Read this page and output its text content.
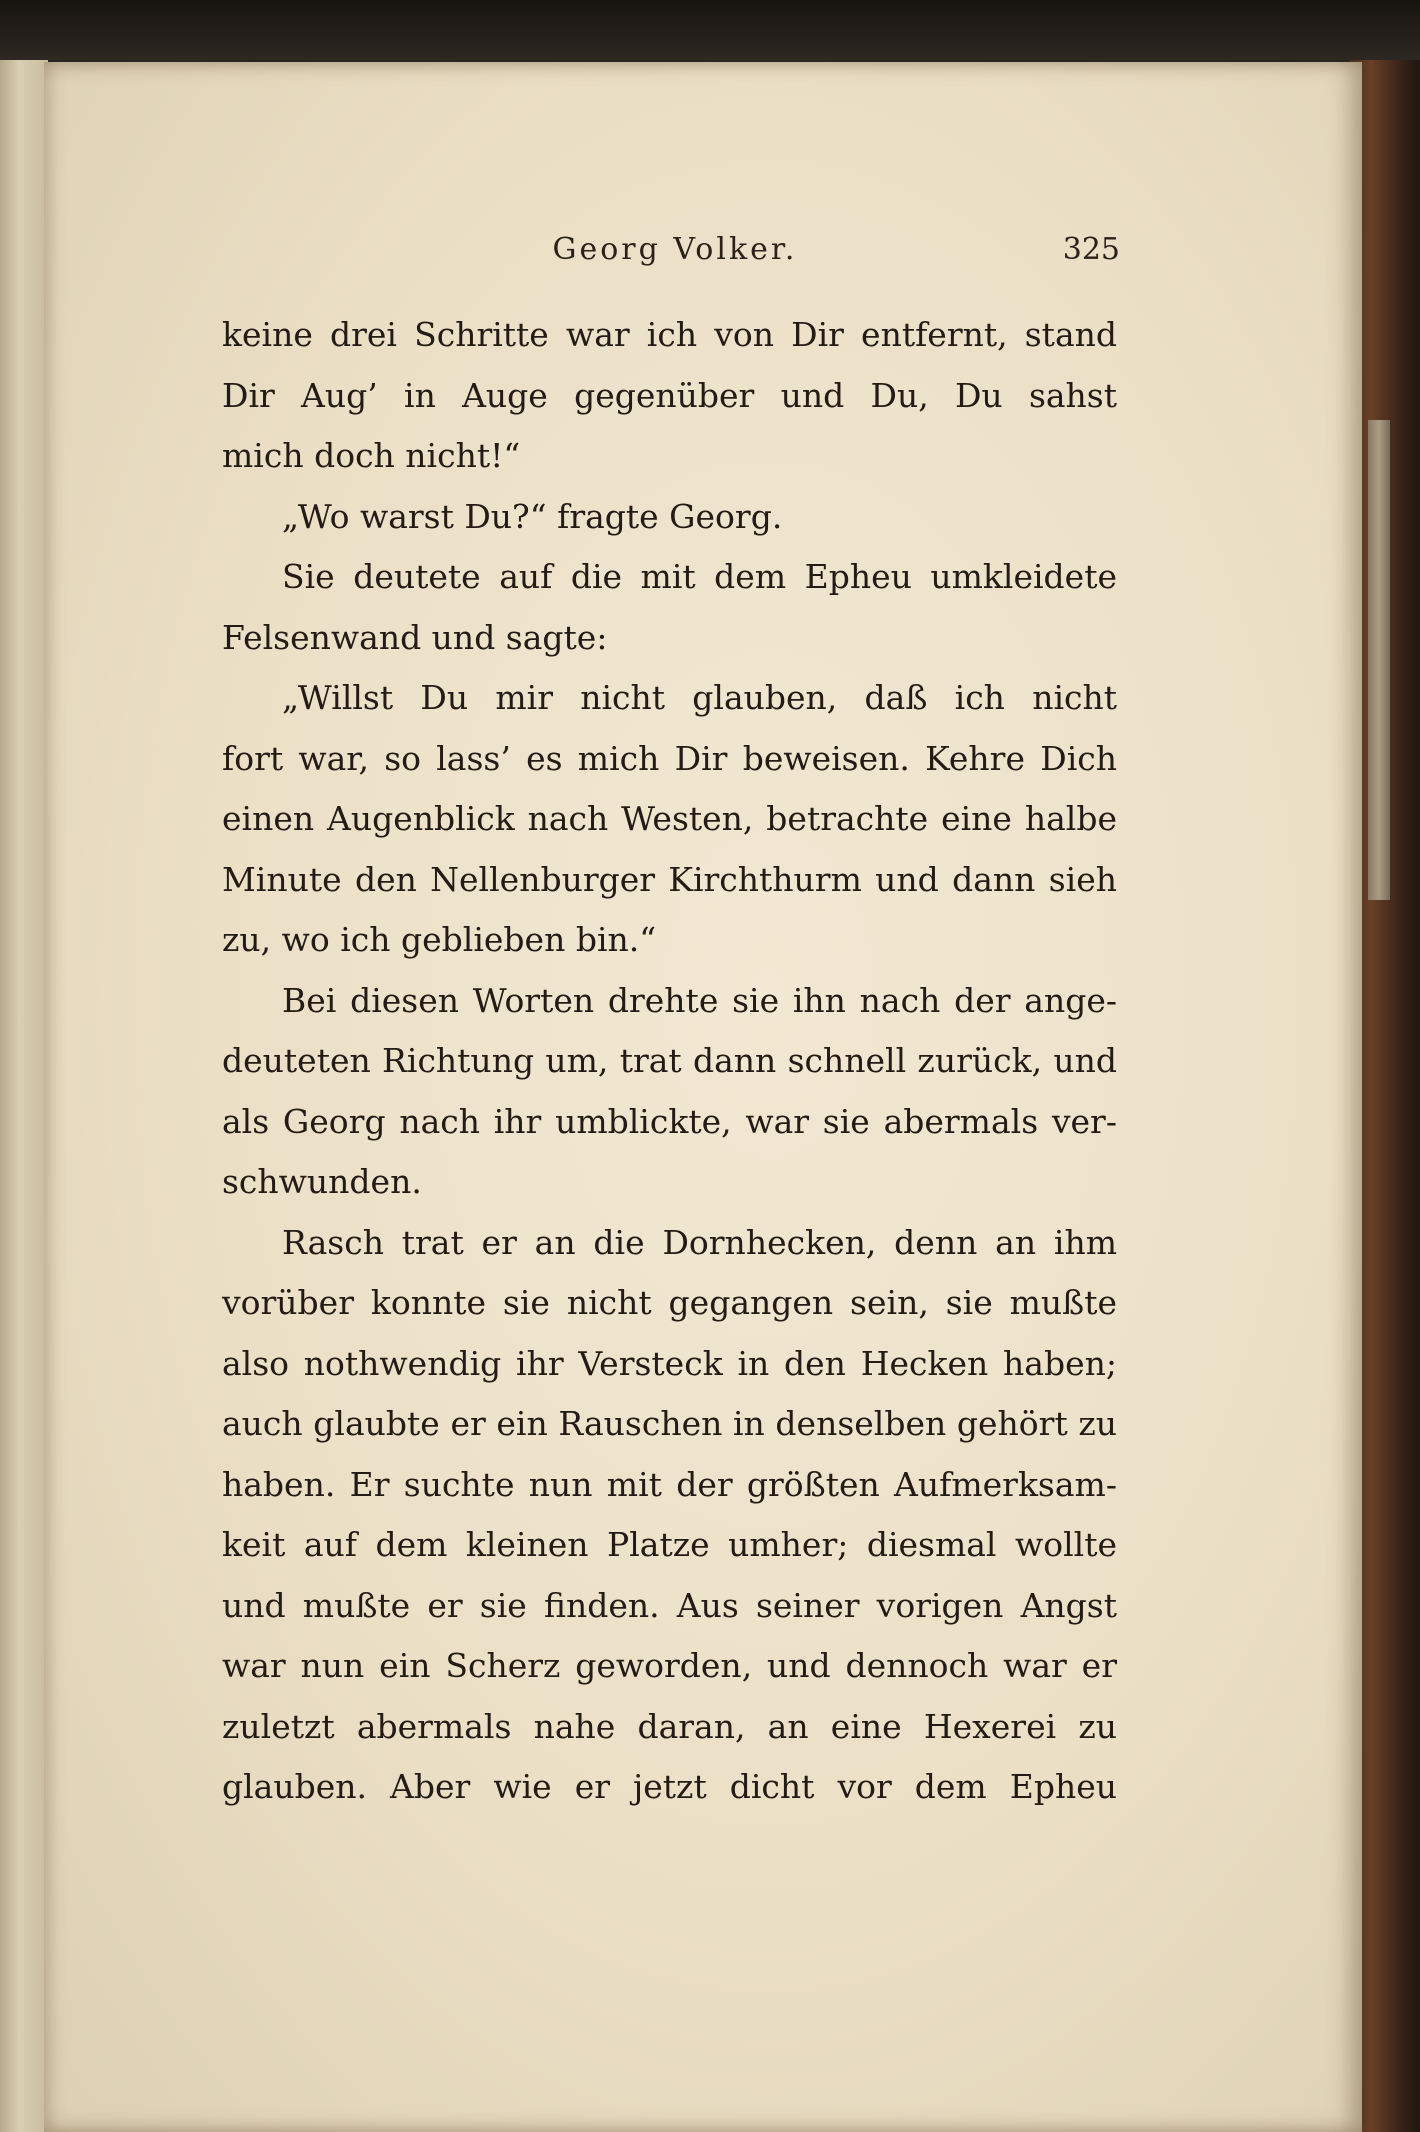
Georg Volker.	325
keine drei Schritte war ich von Dir entfernt, stand
Dir Aug’ in Auge gegenüber und Du, Du sahst
mich doch nicht!“
„Wo warst Du?“ fragte Georg.
Sie deutete auf die mit dem Epheu umkleidete
Felsenwand und sagte:
„Willst Du mir nicht glauben, daß ich nicht
fort war, so lass’ es mich Dir beweisen. Kehre Dich
einen Augenblick nach Westen, betrachte eine halbe
Minute den Nellenburger Kirchthurm und dann sieh
zu, wo ich geblieben bin.“
Bei diesen Worten drehte sie ihn nach der ange-
deuteten Richtung um, trat dann schnell zurück, und
als Georg nach ihr umblickte, war sie abermals ver-
schwunden.
Rasch trat er an die Dornhecken, denn an ihm
vorüber konnte sie nicht gegangen sein, sie mußte
also nothwendig ihr Versteck in den Hecken haben;
auch glaubte er ein Rauschen in denselben gehört zu
haben. Er suchte nun mit der größten Aufmerksam-
keit auf dem kleinen Platze umher; diesmal wollte
und mußte er sie finden. Aus seiner vorigen Angst
war nun ein Scherz geworden, und dennoch war er
zuletzt abermals nahe daran, an eine Hexerei zu
glauben. Aber wie er jetzt dicht vor dem Epheu
